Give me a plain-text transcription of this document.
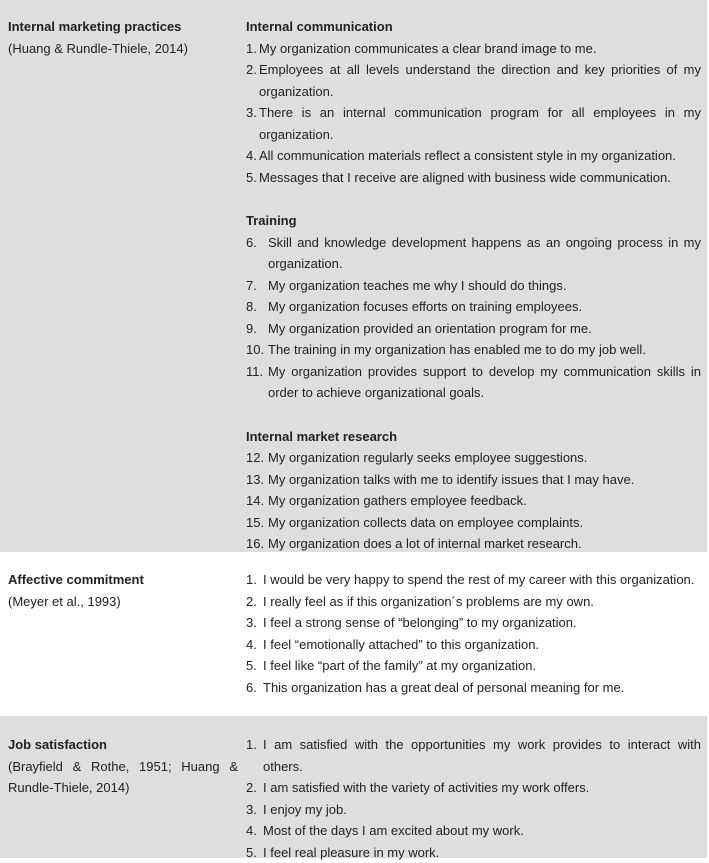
Internal marketing practices
(Huang & Rundle-Thiele, 2014)
Internal communication
1. My organization communicates a clear brand image to me.
2. Employees at all levels understand the direction and key priorities of my organization.
3. There is an internal communication program for all employees in my organization.
4. All communication materials reflect a consistent style in my organization.
5. Messages that I receive are aligned with business wide communication.
Training
6. Skill and knowledge development happens as an ongoing process in my organization.
7. My organization teaches me why I should do things.
8. My organization focuses efforts on training employees.
9. My organization provided an orientation program for me.
10. The training in my organization has enabled me to do my job well.
11. My organization provides support to develop my communication skills in order to achieve organizational goals.
Internal market research
12. My organization regularly seeks employee suggestions.
13. My organization talks with me to identify issues that I may have.
14. My organization gathers employee feedback.
15. My organization collects data on employee complaints.
16. My organization does a lot of internal market research.
Affective commitment
(Meyer et al., 1993)
1. I would be very happy to spend the rest of my career with this organization.
2. I really feel as if this organization´s problems are my own.
3. I feel a strong sense of “belonging” to my organization.
4. I feel “emotionally attached” to this organization.
5. I feel like “part of the family” at my organization.
6. This organization has a great deal of personal meaning for me.
Job satisfaction
(Brayfield & Rothe, 1951; Huang & Rundle-Thiele, 2014)
1. I am satisfied with the opportunities my work provides to interact with others.
2. I am satisfied with the variety of activities my work offers.
3. I enjoy my job.
4. Most of the days I am excited about my work.
5. I feel real pleasure in my work.
